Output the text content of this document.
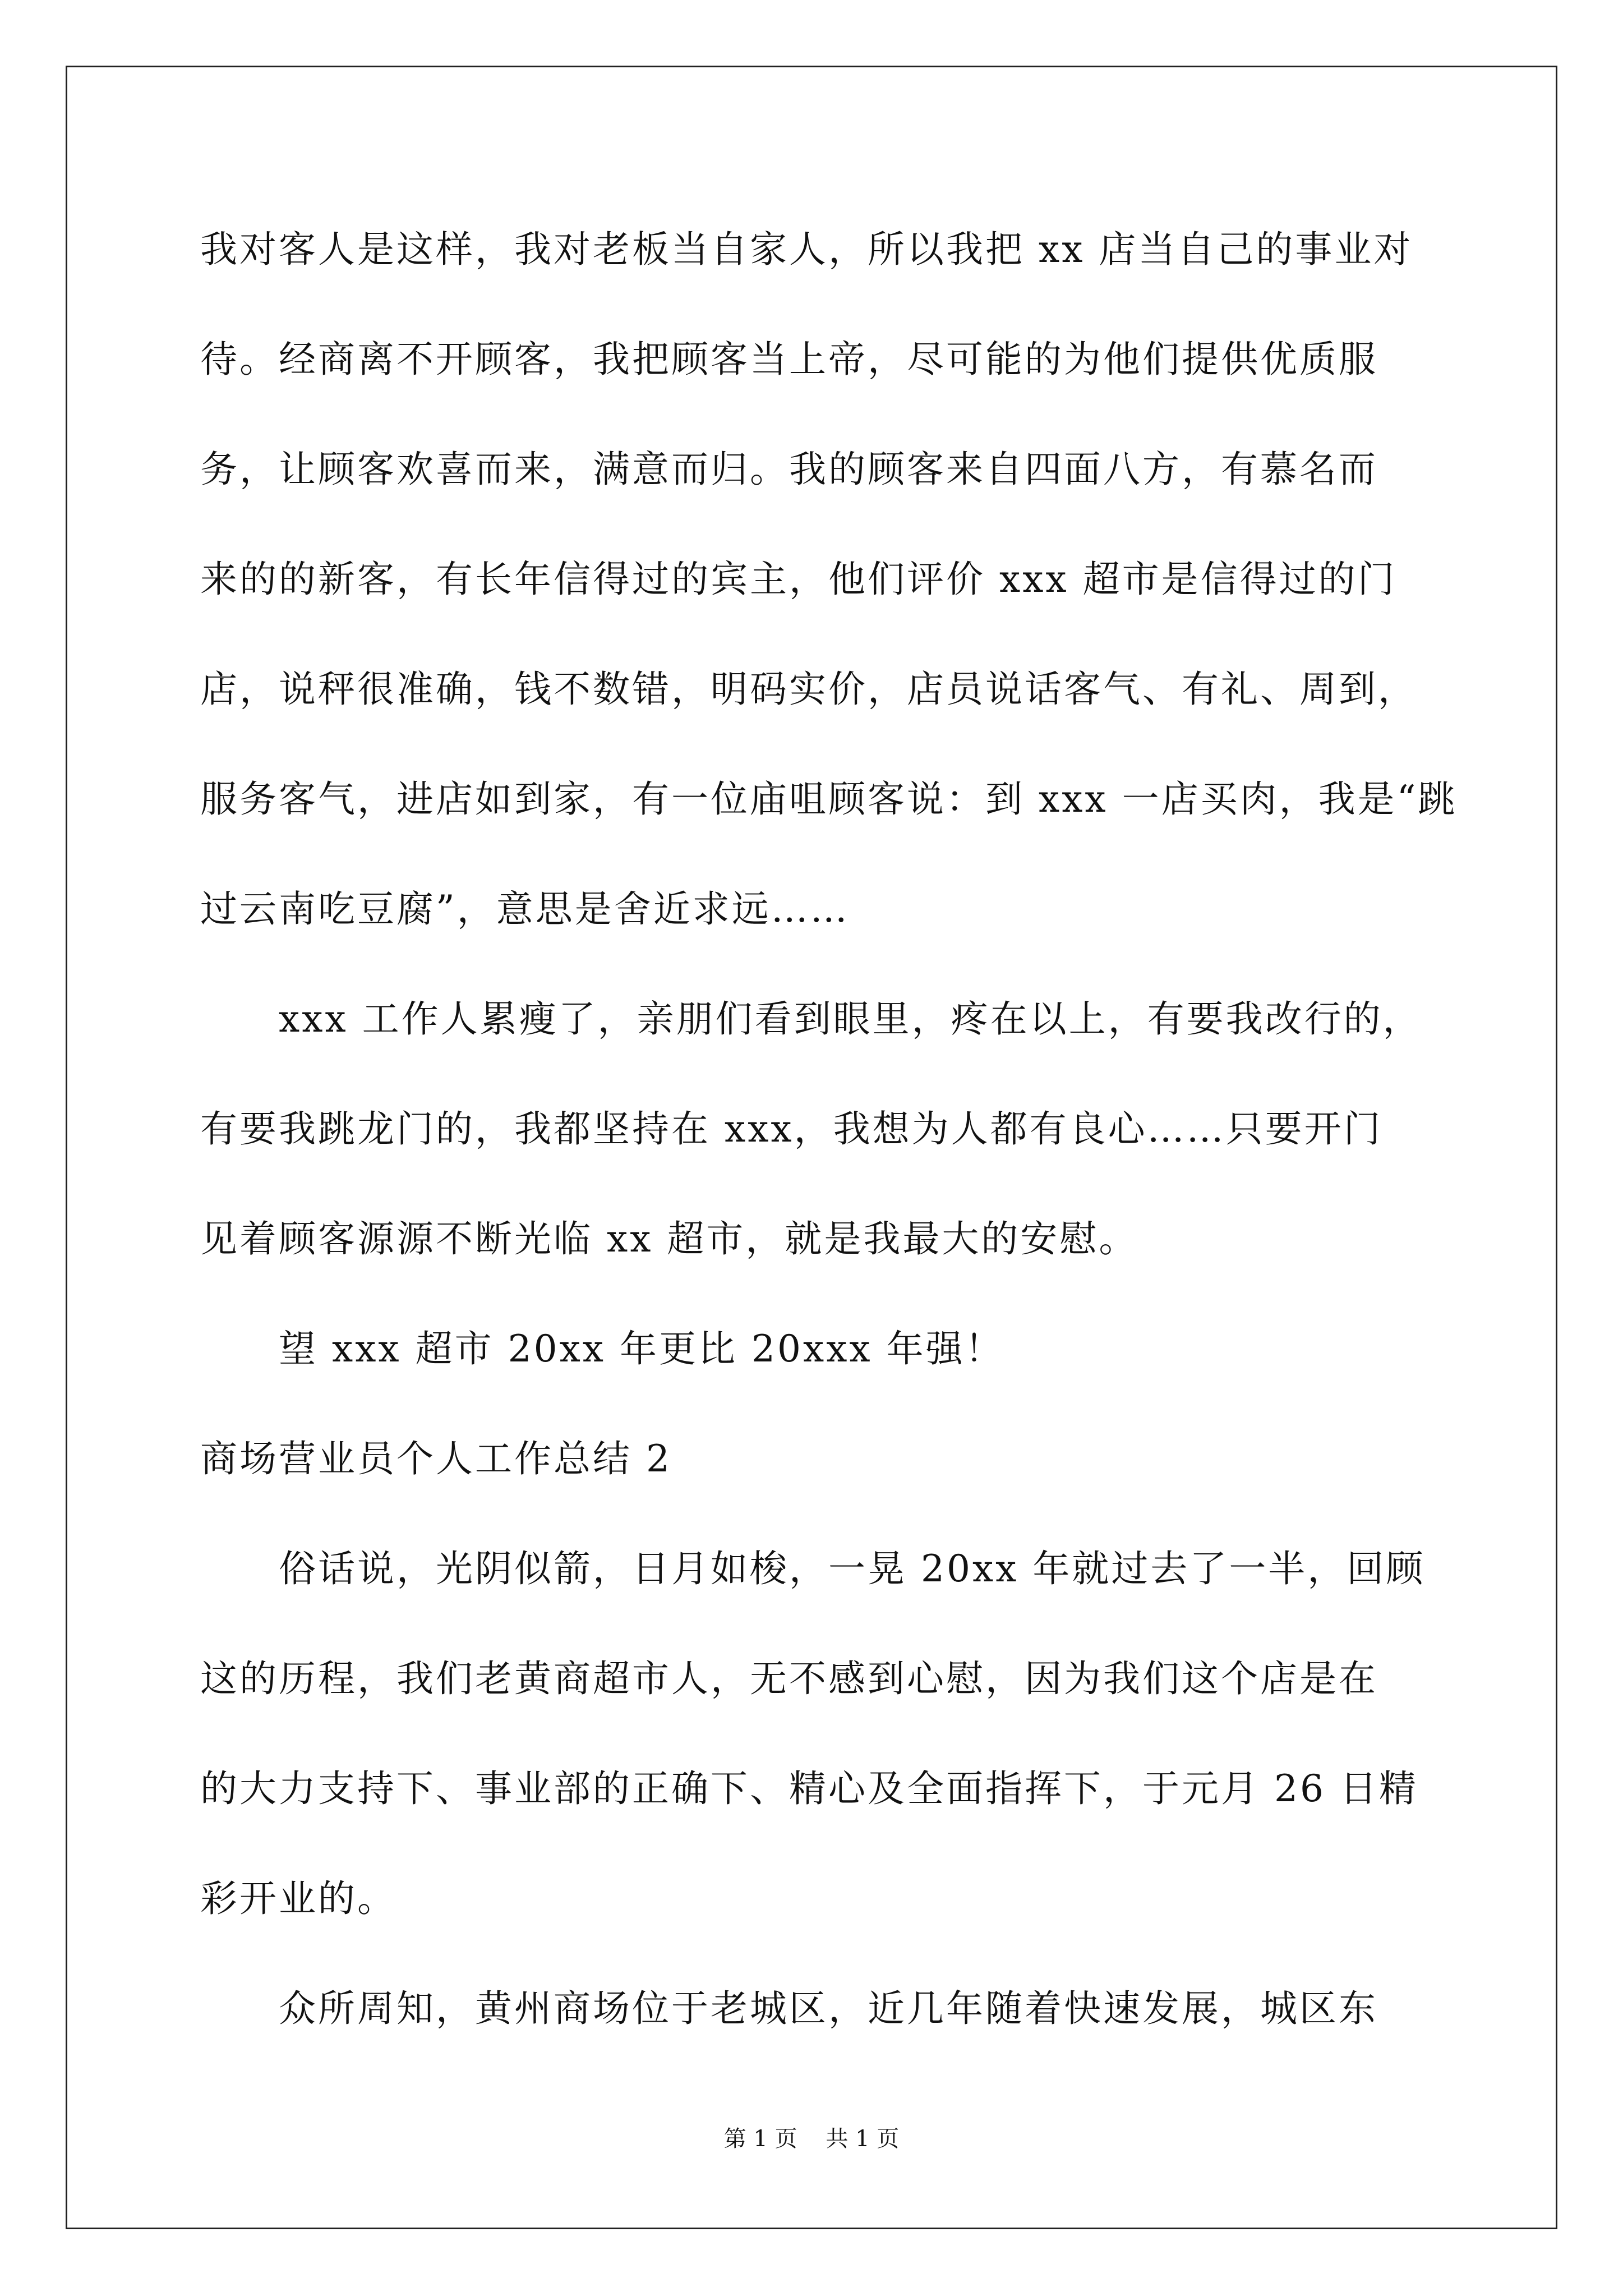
我对客人是这样，我对老板当自家人，所以我把 xx 店当自己的事业对
待。经商离不开顾客，我把顾客当上帝，尽可能的为他们提供优质服
务，让顾客欢喜而来，满意而归。我的顾客来自四面八方，有慕名而
来的的新客，有长年信得过的宾主，他们评价 xxx 超市是信得过的门
店，说秤很准确，钱不数错，明码实价，店员说话客气、有礼、周到，
服务客气，进店如到家，有一位庙咀顾客说：到 xxx 一店买肉，我是“跳
过云南吃豆腐”，意思是舍近求远……
xxx 工作人累瘦了，亲朋们看到眼里，疼在以上，有要我改行的，
有要我跳龙门的，我都坚持在 xxx，我想为人都有良心……只要开门
见着顾客源源不断光临 xx 超市，就是我最大的安慰。
望 xxx 超市 20xx 年更比 20xxx 年强！
商场营业员个人工作总结 2
俗话说，光阴似箭，日月如梭，一晃 20xx 年就过去了一半，回顾
这的历程，我们老黄商超市人，无不感到心慰，因为我们这个店是在
的大力支持下、事业部的正确下、精心及全面指挥下，于元月 26 日精
彩开业的。
众所周知，黄州商场位于老城区，近几年随着快速发展，城区东
第 1 页    共 1 页
